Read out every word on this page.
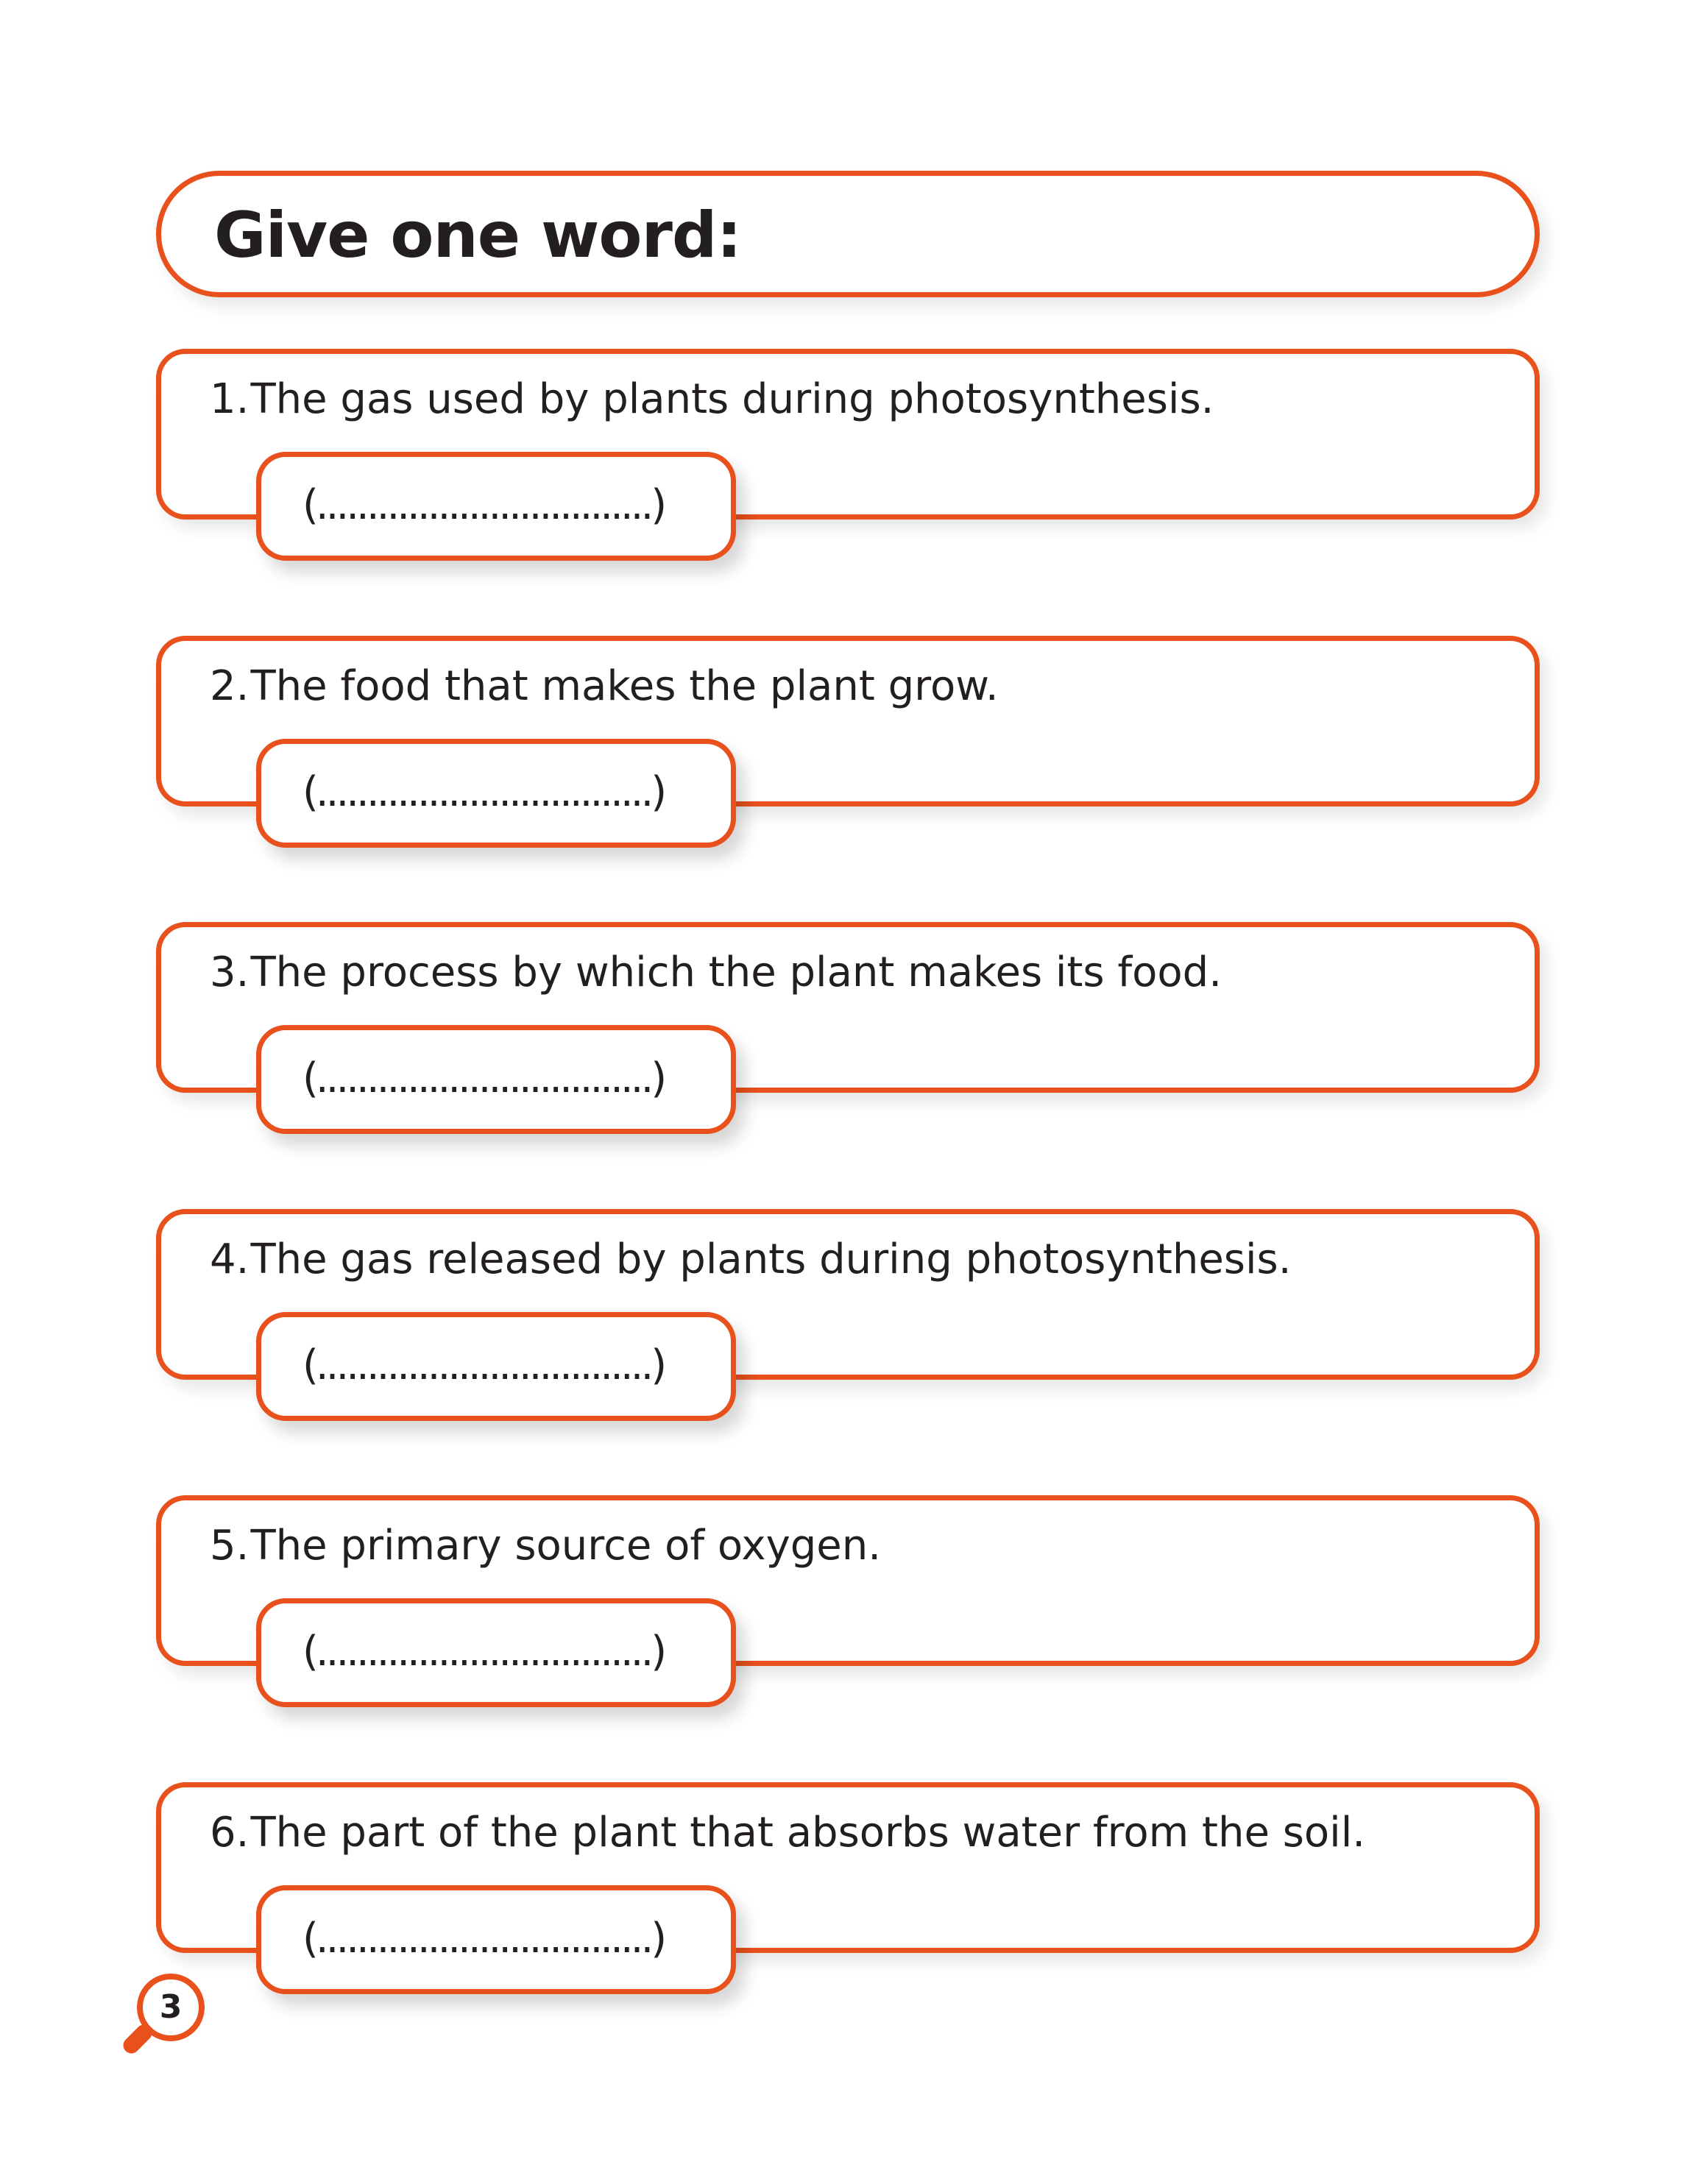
Give one word:
1.The gas used by plants during photosynthesis.
(.................................)
2.The food that makes the plant grow.
(.................................)
3.The process by which the plant makes its food.
(.................................)
4.The gas released by plants during photosynthesis.
(.................................)
5.The primary source of oxygen.
(.................................)
6.The part of the plant that absorbs water from the soil.
(.................................)
3
